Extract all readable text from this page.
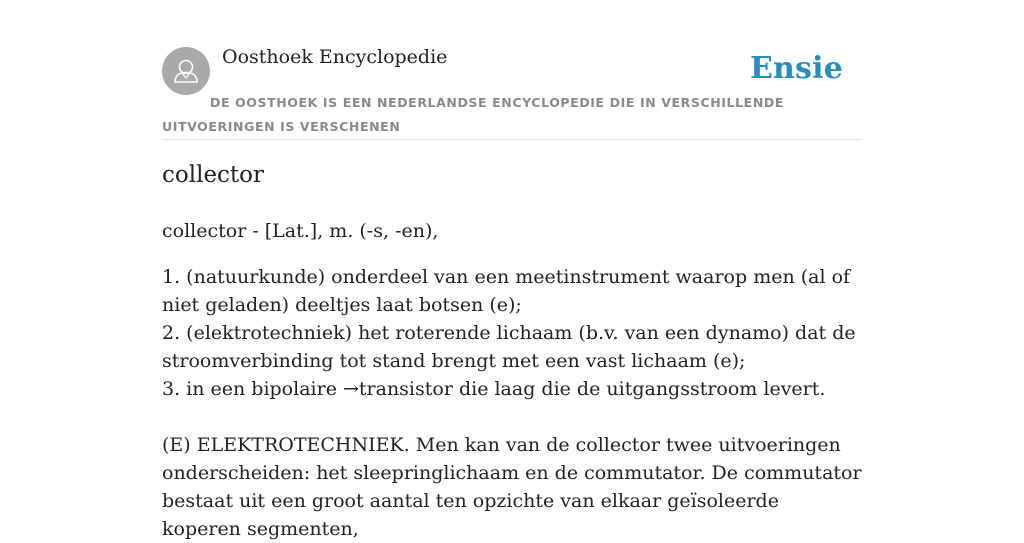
Oosthoek Encyclopedie	Ensie
DE OOSTHOEK IS EEN NEDERLANDSE ENCYCLOPEDIE DIE IN VERSCHILLENDE UITVOERINGEN IS VERSCHENEN
collector

collector - [Lat.], m. (-s, -en),

1. (natuurkunde) onderdeel van een meetinstrument waarop men (al of niet geladen) deeltjes laat botsen (e);
2. (elektrotechniek) het roterende lichaam (b.v. van een dynamo) dat de stroomverbinding tot stand brengt met een vast lichaam (e);
3. in een bipolaire →transistor die laag die de uitgangsstroom levert.
(E) ELEKTROTECHNIEK. Men kan van de collector twee uitvoeringen onderscheiden: het sleepringlichaam en de commutator. De commutator bestaat uit een groot aantal ten opzichte van elkaar geïsoleerde koperen segmenten,
